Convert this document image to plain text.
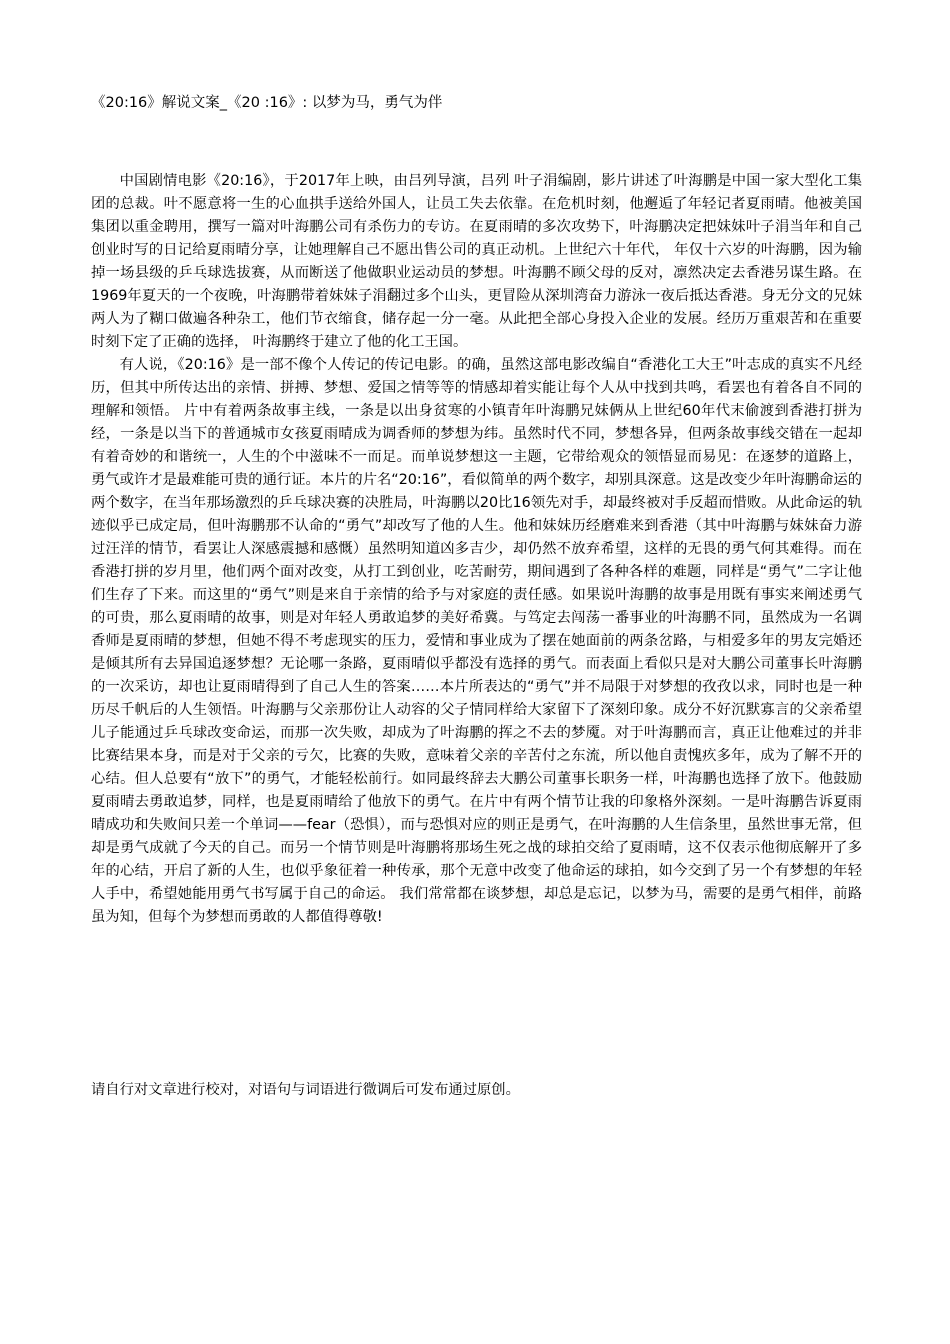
《20:16》解说文案_《20 :16》: 以梦为马，勇气为伴

中国剧情电影《20:16》，于2017年上映，由吕列导演，吕列 叶子涓编剧，影片讲述了叶海鹏是中国一家大型化工集团的总裁。叶不愿意将一生的心血拱手送给外国人，让员工失去依靠。在危机时刻，他邂逅了年轻记者夏雨晴。他被美国集团以重金聘用，撰写一篇对叶海鹏公司有杀伤力的专访。在夏雨晴的多次攻势下，叶海鹏决定把妹妹叶子涓当年和自己创业时写的日记给夏雨晴分享，让她理解自己不愿出售公司的真正动机。上世纪六十年代， 年仅十六岁的叶海鹏，因为输掉一场县级的乒乓球选拔赛，从而断送了他做职业运动员的梦想。叶海鹏不顾父母的反对，凛然决定去香港另谋生路。在1969年夏天的一个夜晚，叶海鹏带着妹妹子涓翻过多个山头，更冒险从深圳湾奋力游泳一夜后抵达香港。身无分文的兄妹两人为了糊口做遍各种杂工，他们节衣缩食，储存起一分一毫。从此把全部心身投入企业的发展。经历万重艰苦和在重要时刻下定了正确的选择， 叶海鹏终于建立了他的化工王国。

有人说，《20:16》是一部不像个人传记的传记电影。的确，虽然这部电影改编自“香港化工大王”叶志成的真实不凡经历，但其中所传达出的亲情、拼搏、梦想、爱国之情等等的情感却着实能让每个人从中找到共鸣，看罢也有着各自不同的理解和领悟。 片中有着两条故事主线，一条是以出身贫寒的小镇青年叶海鹏兄妹俩从上世纪60年代末偷渡到香港打拼为经，一条是以当下的普通城市女孩夏雨晴成为调香师的梦想为纬。虽然时代不同，梦想各异，但两条故事线交错在一起却有着奇妙的和谐统一，人生的个中滋味不一而足。而单说梦想这一主题，它带给观众的领悟显而易见：在逐梦的道路上，勇气或许才是最难能可贵的通行证。本片的片名“20:16”，看似简单的两个数字，却别具深意。这是改变少年叶海鹏命运的两个数字，在当年那场激烈的乒乓球决赛的决胜局，叶海鹏以20比16领先对手，却最终被对手反超而惜败。从此命运的轨迹似乎已成定局，但叶海鹏那不认命的“勇气”却改写了他的人生。他和妹妹历经磨难来到香港（其中叶海鹏与妹妹奋力游过汪洋的情节，看罢让人深感震撼和感慨）虽然明知道凶多吉少，却仍然不放弃希望，这样的无畏的勇气何其难得。而在香港打拼的岁月里，他们两个面对改变，从打工到创业，吃苦耐劳，期间遇到了各种各样的难题，同样是“勇气”二字让他们生存了下来。而这里的“勇气”则是来自于亲情的给予与对家庭的责任感。如果说叶海鹏的故事是用既有事实来阐述勇气的可贵，那么夏雨晴的故事，则是对年轻人勇敢追梦的美好希冀。与笃定去闯荡一番事业的叶海鹏不同，虽然成为一名调香师是夏雨晴的梦想，但她不得不考虑现实的压力，爱情和事业成为了摆在她面前的两条岔路，与相爱多年的男友完婚还是倾其所有去异国追逐梦想？无论哪一条路，夏雨晴似乎都没有选择的勇气。而表面上看似只是对大鹏公司董事长叶海鹏的一次采访，却也让夏雨晴得到了自己人生的答案……本片所表达的“勇气”并不局限于对梦想的孜孜以求，同时也是一种历尽千帆后的人生领悟。叶海鹏与父亲那份让人动容的父子情同样给大家留下了深刻印象。成分不好沉默寡言的父亲希望儿子能通过乒乓球改变命运，而那一次失败，却成为了叶海鹏的挥之不去的梦魇。对于叶海鹏而言，真正让他难过的并非比赛结果本身，而是对于父亲的亏欠，比赛的失败，意味着父亲的辛苦付之东流，所以他自责愧疚多年，成为了解不开的心结。但人总要有“放下”的勇气，才能轻松前行。如同最终辞去大鹏公司董事长职务一样，叶海鹏也选择了放下。他鼓励夏雨晴去勇敢追梦，同样，也是夏雨晴给了他放下的勇气。在片中有两个情节让我的印象格外深刻。一是叶海鹏告诉夏雨晴成功和失败间只差一个单词——fear（恐惧），而与恐惧对应的则正是勇气，在叶海鹏的人生信条里，虽然世事无常，但却是勇气成就了今天的自己。而另一个情节则是叶海鹏将那场生死之战的球拍交给了夏雨晴，这不仅表示他彻底解开了多年的心结，开启了新的人生，也似乎象征着一种传承，那个无意中改变了他命运的球拍，如今交到了另一个有梦想的年轻人手中，希望她能用勇气书写属于自己的命运。 我们常常都在谈梦想，却总是忘记，以梦为马，需要的是勇气相伴，前路虽为知，但每个为梦想而勇敢的人都值得尊敬!

请自行对文章进行校对，对语句与词语进行微调后可发布通过原创。
